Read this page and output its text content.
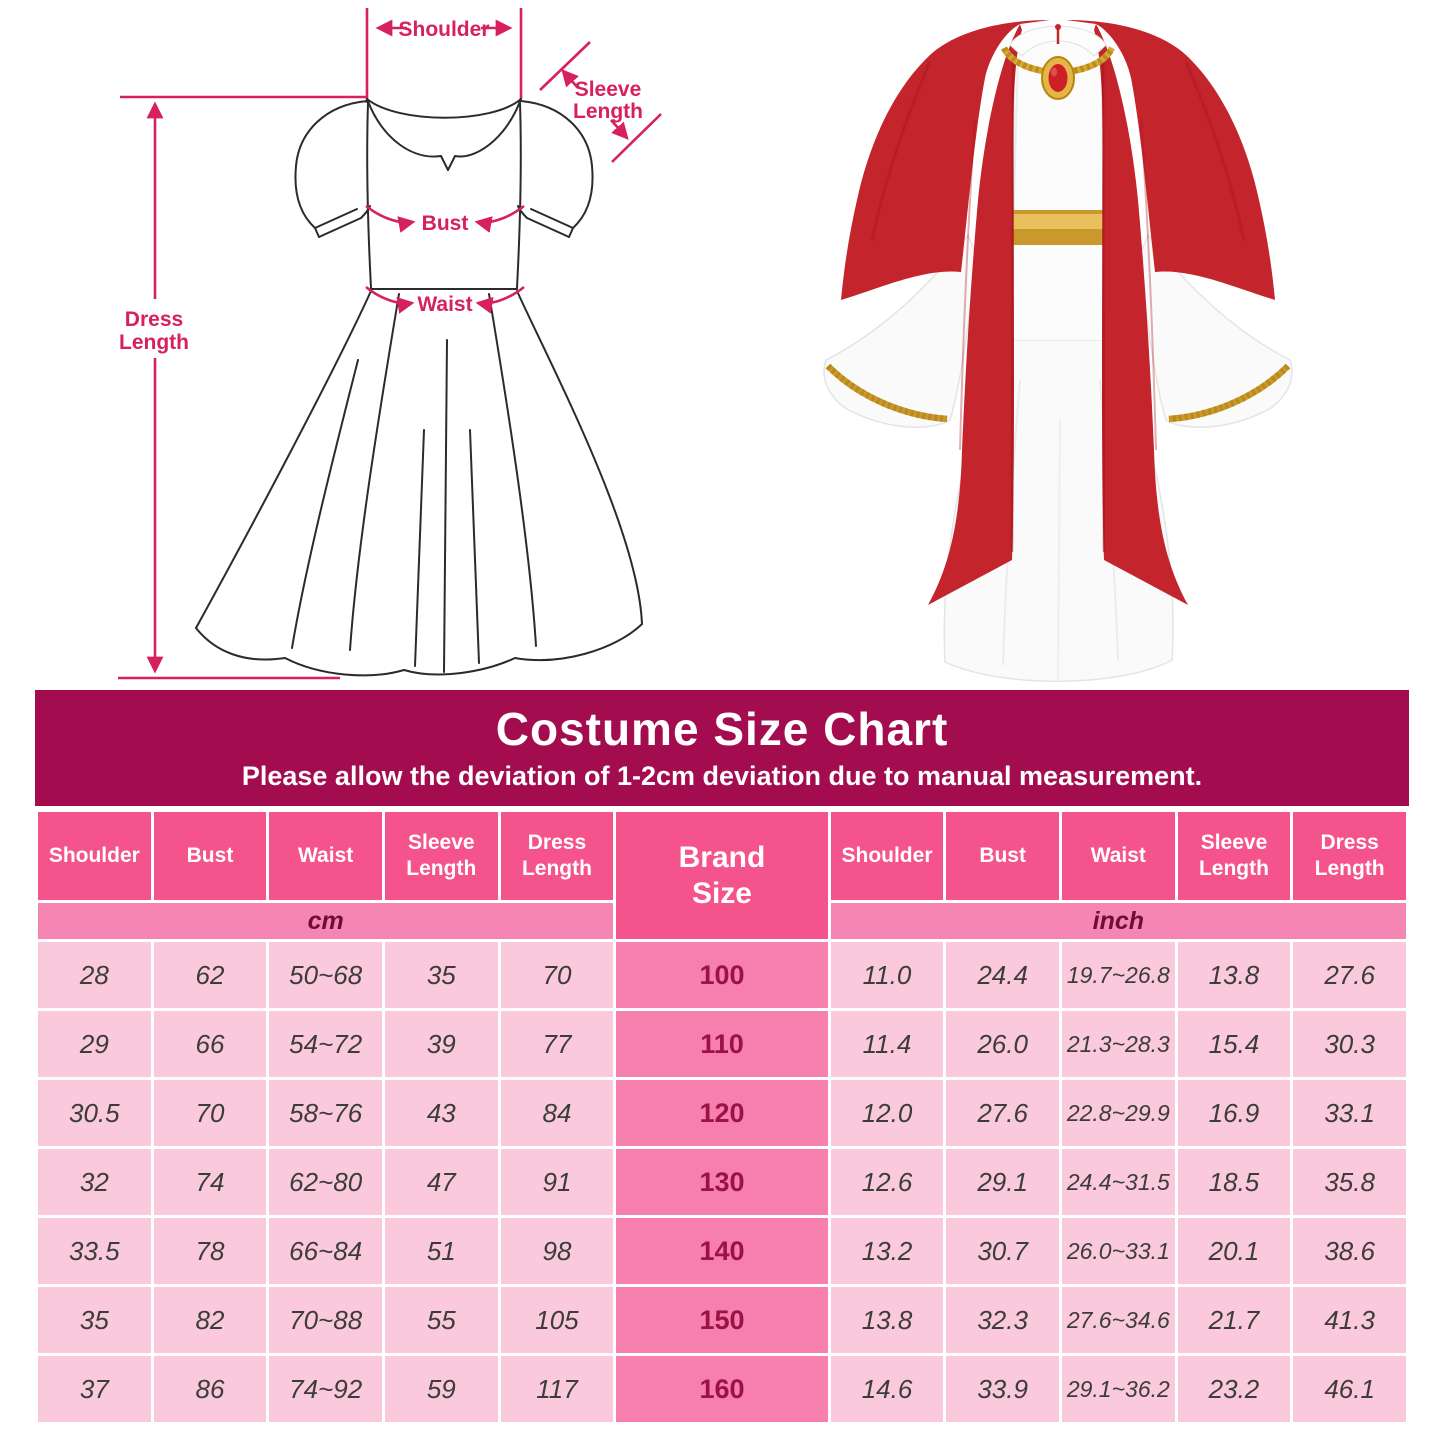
Dress
Length
Shoulder
Sleeve
Length
Bust
Waist
Costume Size Chart
Please allow the deviation of 1-2cm deviation due to manual measurement.
Shoulder	Bust	Waist	Sleeve Length	Dress Length	Brand Size	Shoulder	Bust	Waist	Sleeve Length	Dress Length
cm						inch				
28	62	50~68	35	70	100	11.0	24.4	19.7~26.8	13.8	27.6
29	66	54~72	39	77	110	11.4	26.0	21.3~28.3	15.4	30.3
30.5	70	58~76	43	84	120	12.0	27.6	22.8~29.9	16.9	33.1
32	74	62~80	47	91	130	12.6	29.1	24.4~31.5	18.5	35.8
33.5	78	66~84	51	98	140	13.2	30.7	26.0~33.1	20.1	38.6
35	82	70~88	55	105	150	13.8	32.3	27.6~34.6	21.7	41.3
37	86	74~92	59	117	160	14.6	33.9	29.1~36.2	23.2	46.1
